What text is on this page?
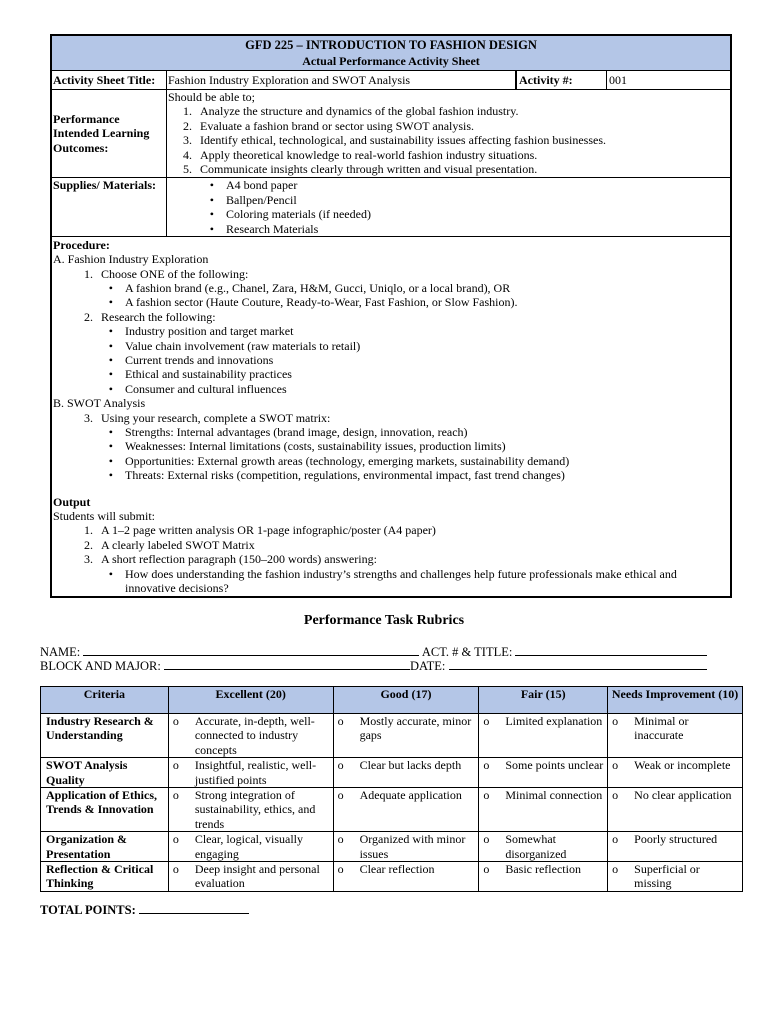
GFD 225 – INTRODUCTION TO FASHION DESIGN
Actual Performance Activity Sheet
Activity Sheet Title:	Fashion Industry Exploration and SWOT Analysis	Activity #:	001
Performance Intended Learning Outcomes:
Should be able to;
1. Analyze the structure and dynamics of the global fashion industry.
2. Evaluate a fashion brand or sector using SWOT analysis.
3. Identify ethical, technological, and sustainability issues affecting fashion businesses.
4. Apply theoretical knowledge to real-world fashion industry situations.
5. Communicate insights clearly through written and visual presentation.
Supplies/ Materials:	•	A4 bond paper
•	Ballpen/Pencil
•	Coloring materials (if needed)
•	Research Materials
Procedure:
A. Fashion Industry Exploration
1. Choose ONE of the following:
•	A fashion brand (e.g., Chanel, Zara, H&M, Gucci, Uniqlo, or a local brand), OR
•	A fashion sector (Haute Couture, Ready-to-Wear, Fast Fashion, or Slow Fashion).
2. Research the following:
•	Industry position and target market
•	Value chain involvement (raw materials to retail)
•	Current trends and innovations
•	Ethical and sustainability practices
•	Consumer and cultural influences
B. SWOT Analysis
3. Using your research, complete a SWOT matrix:
•	Strengths: Internal advantages (brand image, design, innovation, reach)
•	Weaknesses: Internal limitations (costs, sustainability issues, production limits)
•	Opportunities: External growth areas (technology, emerging markets, sustainability demand)
•	Threats: External risks (competition, regulations, environmental impact, fast trend changes)
Output
Students will submit:
1. A 1–2 page written analysis OR 1-page infographic/poster (A4 paper)
2. A clearly labeled SWOT Matrix
3. A short reflection paragraph (150–200 words) answering:
•	How does understanding the fashion industry’s strengths and challenges help future professionals make ethical and innovative decisions?
Performance Task Rubrics
NAME:	ACT. # & TITLE:
BLOCK AND MAJOR:	DATE:
Criteria	Excellent (20)	Good (17)	Fair (15)	Needs Improvement (10)
Industry Research & Understanding	o Accurate, in-depth, well-connected to industry concepts	o Mostly accurate, minor gaps	o Limited explanation	o Minimal or inaccurate

SWOT Analysis Quality	o Insightful, realistic, well-justified points	o Clear but lacks depth	o Some points unclear	o Weak or incomplete

Application of Ethics, Trends & Innovation	o Strong integration of sustainability, ethics, and trends	o Adequate application	o Minimal connection	o No clear application

Organization & Presentation	o Clear, logical, visually engaging	o Organized with minor issues	o Somewhat disorganized	o Poorly structured

Reflection & Critical Thinking	o Deep insight and personal evaluation	o Clear reflection	o Basic reflection	o Superficial or missing
TOTAL POINTS:
